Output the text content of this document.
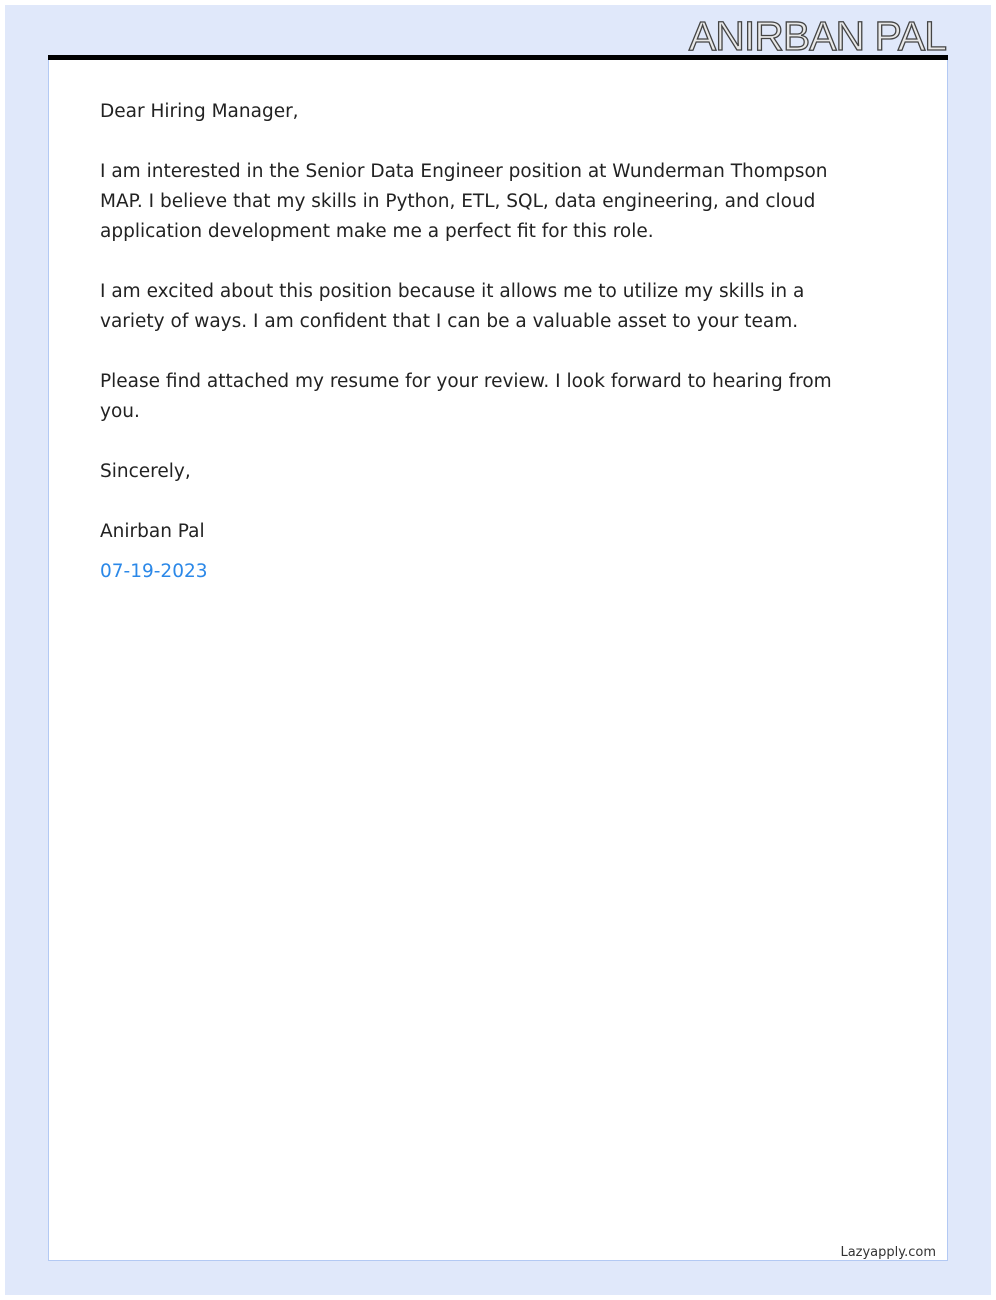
ANIRBAN PAL

Dear Hiring Manager,

I am interested in the Senior Data Engineer position at Wunderman Thompson MAP. I believe that my skills in Python, ETL, SQL, data engineering, and cloud application development make me a perfect fit for this role.

I am excited about this position because it allows me to utilize my skills in a variety of ways. I am confident that I can be a valuable asset to your team.

Please find attached my resume for your review. I look forward to hearing from you.

Sincerely,

Anirban Pal

07-19-2023

Lazyapply.com
